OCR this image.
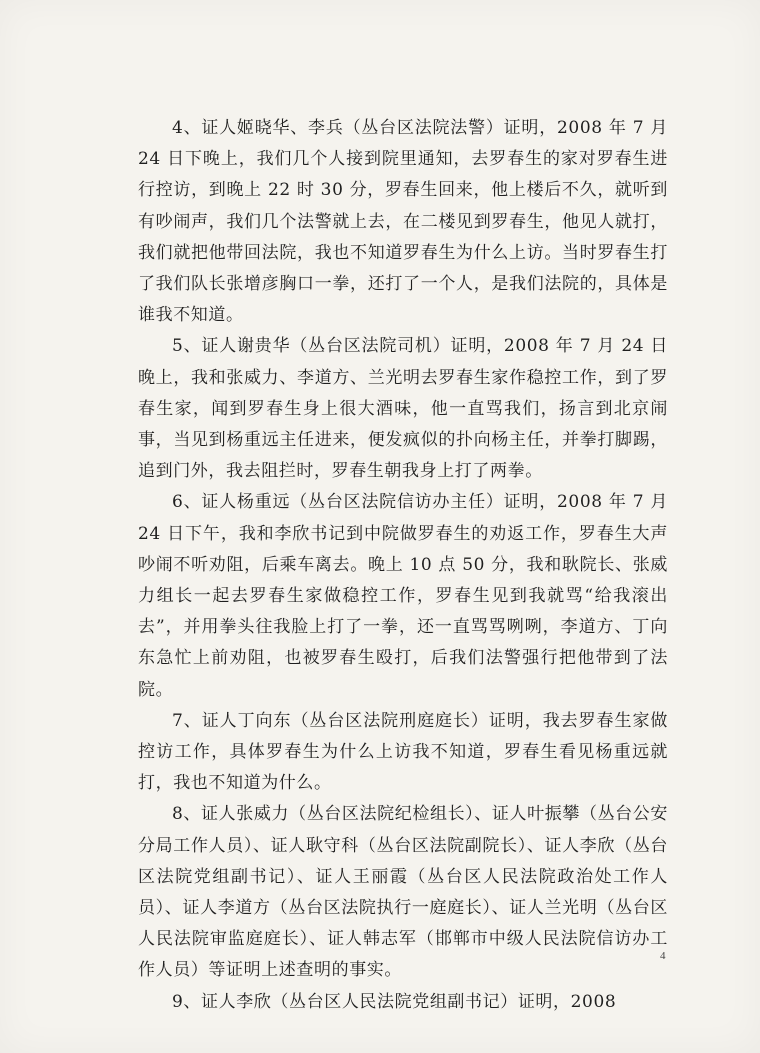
4、证人姬晓华、李兵（丛台区法院法警）证明，2008 年 7 月 24 日下晚上，我们几个人接到院里通知，去罗春生的家对罗春生进行控访，到晚上 22 时 30 分，罗春生回来，他上楼后不久，就听到有吵闹声，我们几个法警就上去，在二楼见到罗春生，他见人就打，我们就把他带回法院，我也不知道罗春生为什么上访。当时罗春生打了我们队长张增彦胸口一拳，还打了一个人，是我们法院的，具体是谁我不知道。

5、证人谢贵华（丛台区法院司机）证明，2008 年 7 月 24 日晚上，我和张威力、李道方、兰光明去罗春生家作稳控工作，到了罗春生家，闻到罗春生身上很大酒味，他一直骂我们，扬言到北京闹事，当见到杨重远主任进来，便发疯似的扑向杨主任，并拳打脚踢，追到门外，我去阻拦时，罗春生朝我身上打了两拳。

6、证人杨重远（丛台区法院信访办主任）证明，2008 年 7 月 24 日下午，我和李欣书记到中院做罗春生的劝返工作，罗春生大声吵闹不听劝阻，后乘车离去。晚上 10 点 50 分，我和耿院长、张威力组长一起去罗春生家做稳控工作，罗春生见到我就骂“给我滚出去”，并用拳头往我脸上打了一拳，还一直骂骂咧咧，李道方、丁向东急忙上前劝阻，也被罗春生殴打，后我们法警强行把他带到了法院。

7、证人丁向东（丛台区法院刑庭庭长）证明，我去罗春生家做控访工作，具体罗春生为什么上访我不知道，罗春生看见杨重远就打，我也不知道为什么。

8、证人张威力（丛台区法院纪检组长）、证人叶振攀（丛台公安分局工作人员）、证人耿守科（丛台区法院副院长）、证人李欣（丛台区法院党组副书记）、证人王丽霞（丛台区人民法院政治处工作人员）、证人李道方（丛台区法院执行一庭庭长）、证人兰光明（丛台区人民法院审监庭庭长）、证人韩志军（邯郸市中级人民法院信访办工作人员）等证明上述查明的事实。

9、证人李欣（丛台区人民法院党组副书记）证明，2008

4
